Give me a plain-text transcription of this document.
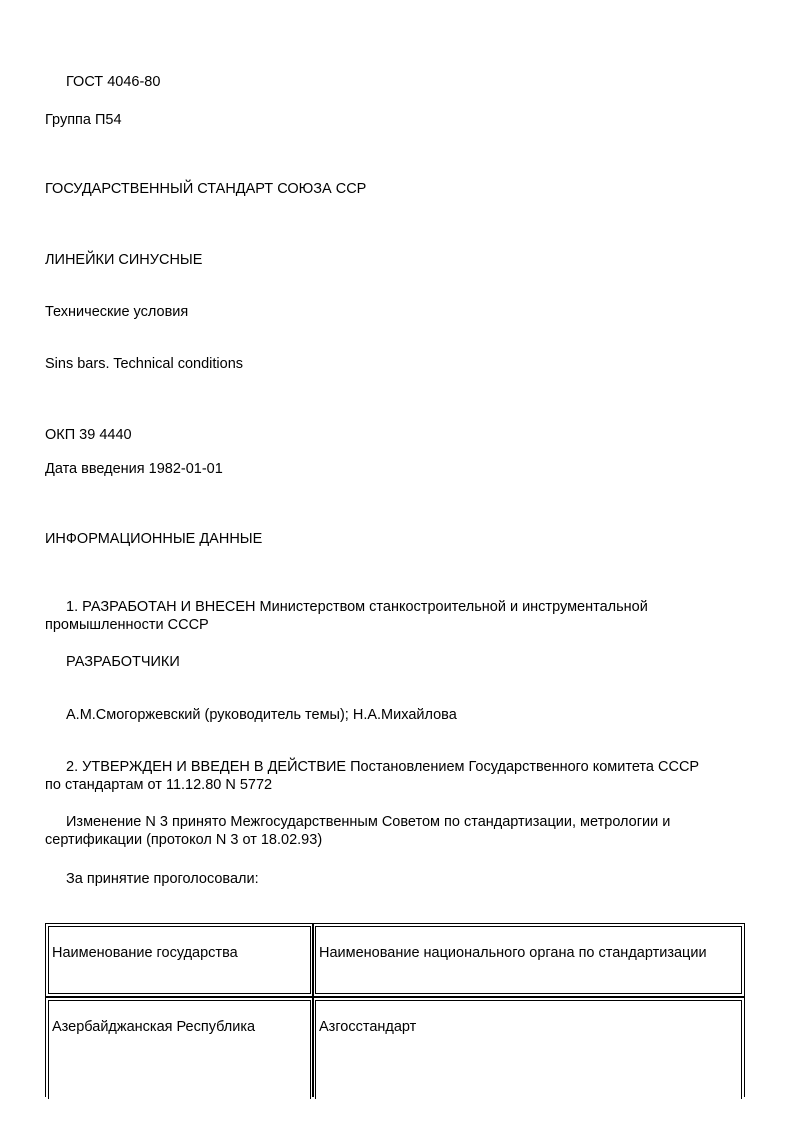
ГОСТ 4046-80

Группа П54

ГОСУДАРСТВЕННЫЙ СТАНДАРТ СОЮЗА ССР

ЛИНЕЙКИ СИНУСНЫЕ

Технические условия

Sins bars. Technical conditions

ОКП 39 4440

Дата введения 1982-01-01

ИНФОРМАЦИОННЫЕ ДАННЫЕ

1. РАЗРАБОТАН И ВНЕСЕН Министерством станкостроительной и инструментальной
промышленности СССР

РАЗРАБОТЧИКИ

А.М.Смогоржевский (руководитель темы); Н.А.Михайлова

2. УТВЕРЖДЕН И ВВЕДЕН В ДЕЙСТВИЕ Постановлением Государственного комитета СССР
по стандартам от 11.12.80 N 5772
Изменение N 3 принято Межгосударственным Советом по стандартизации, метрологии и
сертификации (протокол N 3 от 18.02.93)

За принятие проголосовали:

Наименование государства	Наименование национального органа по стандартизации
Азербайджанская Республика	Азгосстандарт
